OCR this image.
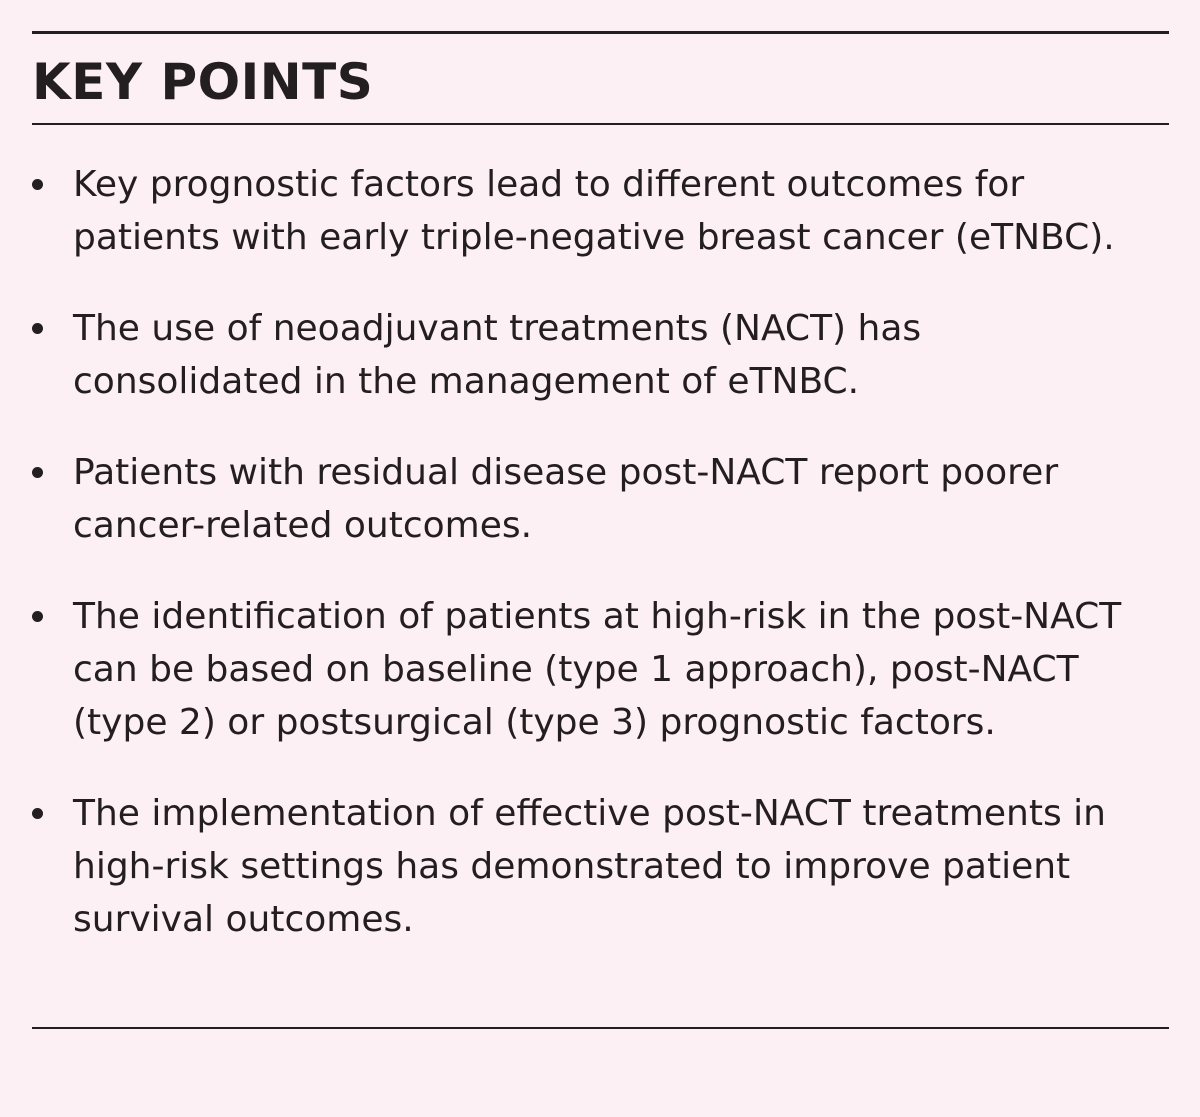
KEY POINTS
Key prognostic factors lead to different outcomes for patients with early triple-negative breast cancer (eTNBC).
The use of neoadjuvant treatments (NACT) has consolidated in the management of eTNBC.
Patients with residual disease post-NACT report poorer cancer-related outcomes.
The identification of patients at high-risk in the post-NACT can be based on baseline (type 1 approach), post-NACT (type 2) or postsurgical (type 3) prognostic factors.
The implementation of effective post-NACT treatments in high-risk settings has demonstrated to improve patient survival outcomes.
